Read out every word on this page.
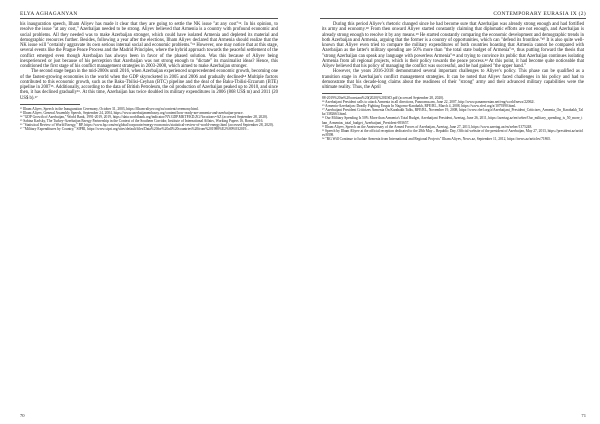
ELYA AGHAGANYAN

his inauguration speech, Ilham Aliyev has made it clear that they are going to settle the NK issue "at any cost"¹². In his opinion, to resolve the issue "at any cost," Azerbaijan needed to be strong. Aliyev believed that Armenia is a country with profound economic and social problems. All they needed was to make Azerbaijan stronger, which could have isolated Armenia and depleted its material and demographic resources further. Besides, following a year after the elections, Ilham Aliyev declared that Armenia should realize that the NK issue will "certainly aggravate its own serious internal social and economic problems."¹³ However, one may notice that at this stage, several events like the Prague Peace Process and the Madrid Principles, where the hybrid approach towards the peaceful settlement of the conflict emerged even though Azerbaijan has always been in favor of the phased solution. Was this because of Aliyev being inexperienced or just because of his perception that Azerbaijan was not strong enough to "dictate" its maximalist ideas? Hence, this conditioned the first stage of his conflict management strategies in 2003-2008, which aimed to make Azerbaijan stronger.

The second stage began in the mid-2000s until 2016, when Azerbaijan experienced unprecedented economic growth, becoming one of the fastest-growing economies in the world when the GDP skyrocketed in 2005 and 2006 and gradually declined¹⁴ Multiple factors contributed to this economic growth, such as the Baku-Tbilisi-Ceyhan (BTC) pipeline and the deal of the Baku-Tbilisi-Erzurum (BTE) pipeline in 2007¹⁵. Additionally, according to the data of British Petroleum, the oil production of Azerbaijan peaked up to 2010, and since then, it has declined gradually¹⁶. At this time, Azerbaijan has twice doubled its military expenditures in 2006 (868 US$ m) and 2011 (20 US$ b).¹⁷

¹² Ilham Aliyev, Speech in the Inauguration Ceremony, October 31, 2003, https://ilham-aliyev.org/ru/content/ceremony.html.
¹³ Ilham Aliyev, General Assembly Speech, September 24, 2004, https://www.azerbaijanembassy.org/content/how-ready-are-armenia-and-azerbaijan-peace.
¹⁴ "GDP Growth of Azerbaijan," World Bank, 1991-2019, 2019, https://data.worldbank.org/indicator/NY.GDP.MKTP.KD.ZG?locations=AZ (accessed September 28, 2020).
¹⁵ Sabina Karlsky, The Turkey-Azerbaijan Energy Partnership in the Context of the Southern Corridor, Institute of International Affairs, Working Papers 16, Rome, 2016.
¹⁶ "Statistical Review of World Energy," BP, https://www.bp.com/en/global/corporate/energy-economics/statistical-review-of-world-energy.html (accessed September 28, 2020).
¹⁷ "Military Expenditures by Country," SIPRI, https://www.sipri.org/sites/default/files/Data%20for%20all%20countries%20from%201988%E2%80%932019...
70
CONTEMPORARY EURASIA IX (2)

During this period Aliyev's rhetoric changed since he had become sure that Azerbaijan was already strong enough and had fortified its army and economy.¹⁸ From then onward Aliyev started constantly claiming that diplomatic efforts are not enough, and Azerbaijan is already strong enough to resolve it by any means.¹⁹ He started constantly comparing the economic development and demographic trends in both Azerbaijan and Armenia, arguing that the former is a country of opportunities, which can "defend its frontline."²⁰ It is also quite well-known that Aliyev even tried to compare the military expenditures of both countries boasting that Armenia cannot be compared with Azerbaijan as the latter's military spending are 50% more than "the total state budget of Armenia"²¹, thus putting forward the thesis that "strong Azerbaijan can speak any language with powerless Armenia"²² and trying to convince its public that Azerbaijan continues isolating Armenia from all regional projects, which is their policy towards the peace process.²³ At this point, it had become quite noticeable that Aliyev believed that his policy of managing the conflict was successful, and he had gained "the upper hand."

However, the years 2016-2018 demonstrated several important challenges to Aliyev's policy. This phase can be qualified as a transition stage in Azerbaijan's conflict management strategies. It can be noted that Aliyev faced challenges in his policy and had to demonstrate that his decade-long claims about the readiness of their "strong" army and their advanced military capabilities were the ultimate reality. Thus, the April

88-2019%20in%20constant%20(2020)%20USD.pdf (accessed September 28, 2020).
¹⁸ Azerbaijani President calls to attack Armenia in all directions, Panorama.am, June 22, 2007, http://www.panarmenian.net/eng/world/news/22062/.
¹⁹ Armenia-Azerbaijan: Deadly Fighting Erupts In Nagorno-Karabakh, RFE/RL, March 4, 2008, https://www.rferl.org/a/1079390.html.
²⁰ Azerbaijani President Criticizes Armenia On Karabakh Talks, RFE/RL, November 19, 2008, https://www.rferl.org/a/Azerbaijani_President_Criticizes_Armenia_On_Karabakh_Talks/1382663.html.
²¹ Our Military Spending Is 50% More than Armenia's Total Budget, Azerbaijani President, Azertag, June 26, 2011, https://azertag.az/en/xeber/Our_military_spending_is_50_more_than_Armenias_total_budget_Azerbaijani_President-693657.
²² Ilham Aliyev, Speech on the Anniversary of the Armed Forces of Azerbaijan, Azertag, June 27, 2013, https://www.azertag.az/en/xeber/1375248.
²³ Speech by Ilham Aliyev at the official reception dedicated to the 28th May – Republic Day, Official website of the president of Azerbaijan, May 27, 2013, https://president.az/articles/8398.
²⁴ "RG Will Continue to Isolate Armenia from International and Regional Projects" Ilham Aliyev, News.az, September 11, 2012, https://news.az/articles/71865.
71
